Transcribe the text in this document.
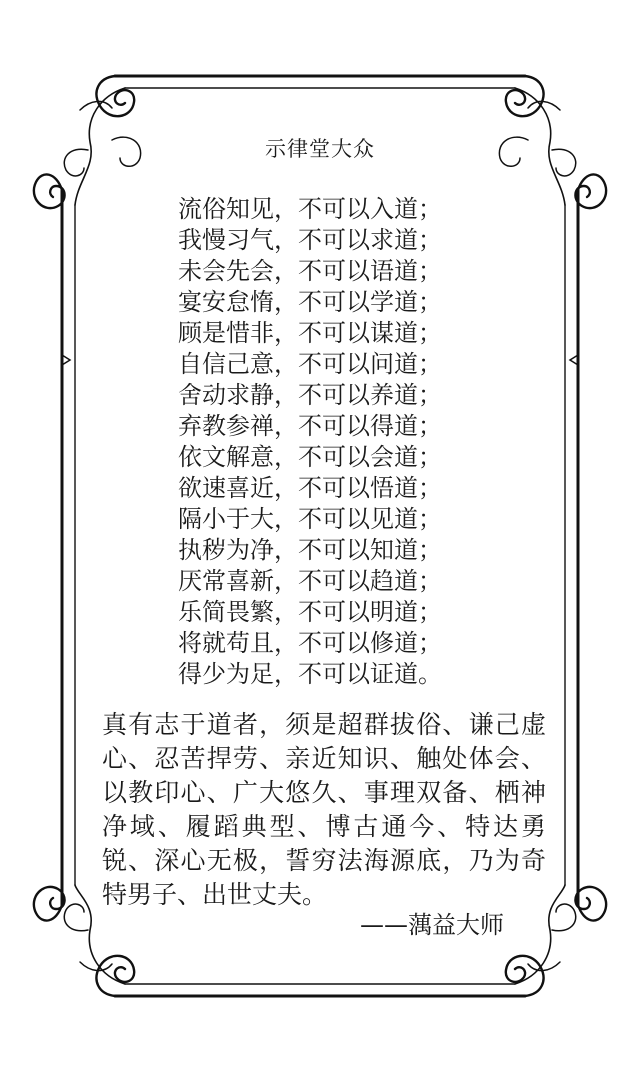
示律堂大众
流俗知见，不可以入道；
我慢习气，不可以求道；
未会先会，不可以语道；
宴安怠惰，不可以学道；
顾是惜非，不可以谋道；
自信己意，不可以问道；
舍动求静，不可以养道；
弃教参禅，不可以得道；
依文解意，不可以会道；
欲速喜近，不可以悟道；
隔小于大，不可以见道；
执秽为净，不可以知道；
厌常喜新，不可以趋道；
乐简畏繁，不可以明道；
将就苟且，不可以修道；
得少为足，不可以证道。

真有志于道者，须是超群拔俗、谦己虚心、忍苦捍劳、亲近知识、触处体会、以教印心、广大悠久、事理双备、栖神净域、履蹈典型、博古通今、特达勇锐、深心无极，誓穷法海源底，乃为奇特男子、出世丈夫。

——蕅益大师
